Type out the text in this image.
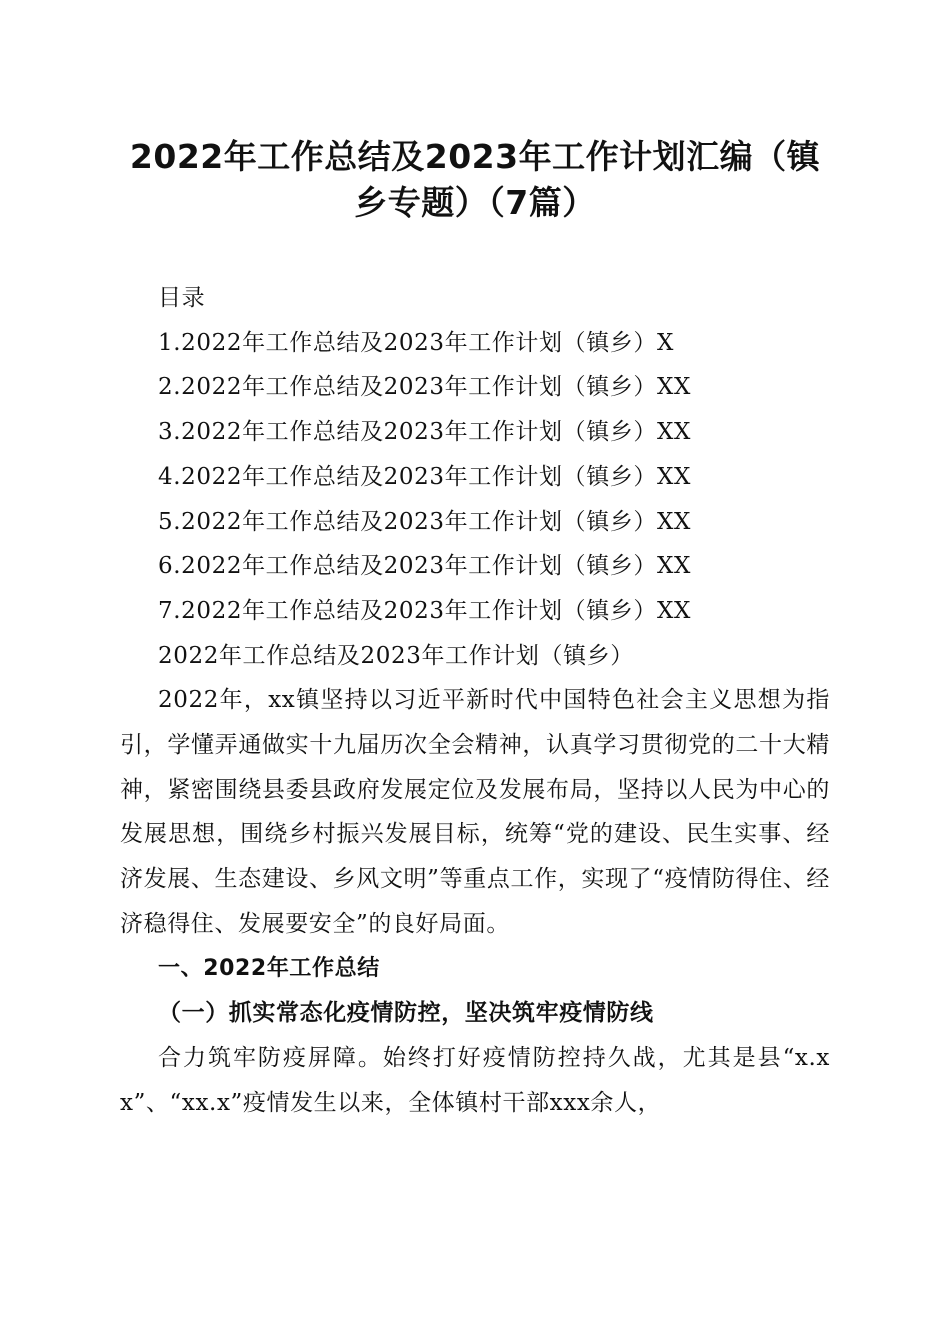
2022年工作总结及2023年工作计划汇编（镇乡专题）（7篇）
目录
1.2022年工作总结及2023年工作计划（镇乡）X
2.2022年工作总结及2023年工作计划（镇乡）XX
3.2022年工作总结及2023年工作计划（镇乡）XX
4.2022年工作总结及2023年工作计划（镇乡）XX
5.2022年工作总结及2023年工作计划（镇乡）XX
6.2022年工作总结及2023年工作计划（镇乡）XX
7.2022年工作总结及2023年工作计划（镇乡）XX
2022年工作总结及2023年工作计划（镇乡）
2022年，xx镇坚持以习近平新时代中国特色社会主义思想为指引，学懂弄通做实十九届历次全会精神，认真学习贯彻党的二十大精神，紧密围绕县委县政府发展定位及发展布局，坚持以人民为中心的发展思想，围绕乡村振兴发展目标，统筹“党的建设、民生实事、经济发展、生态建设、乡风文明”等重点工作，实现了“疫情防得住、经济稳得住、发展要安全”的良好局面。
一、2022年工作总结
（一）抓实常态化疫情防控，坚决筑牢疫情防线
合力筑牢防疫屏障。始终打好疫情防控持久战，尤其是县“x.xx”、“xx.x”疫情发生以来，全体镇村干部xxx余人，
